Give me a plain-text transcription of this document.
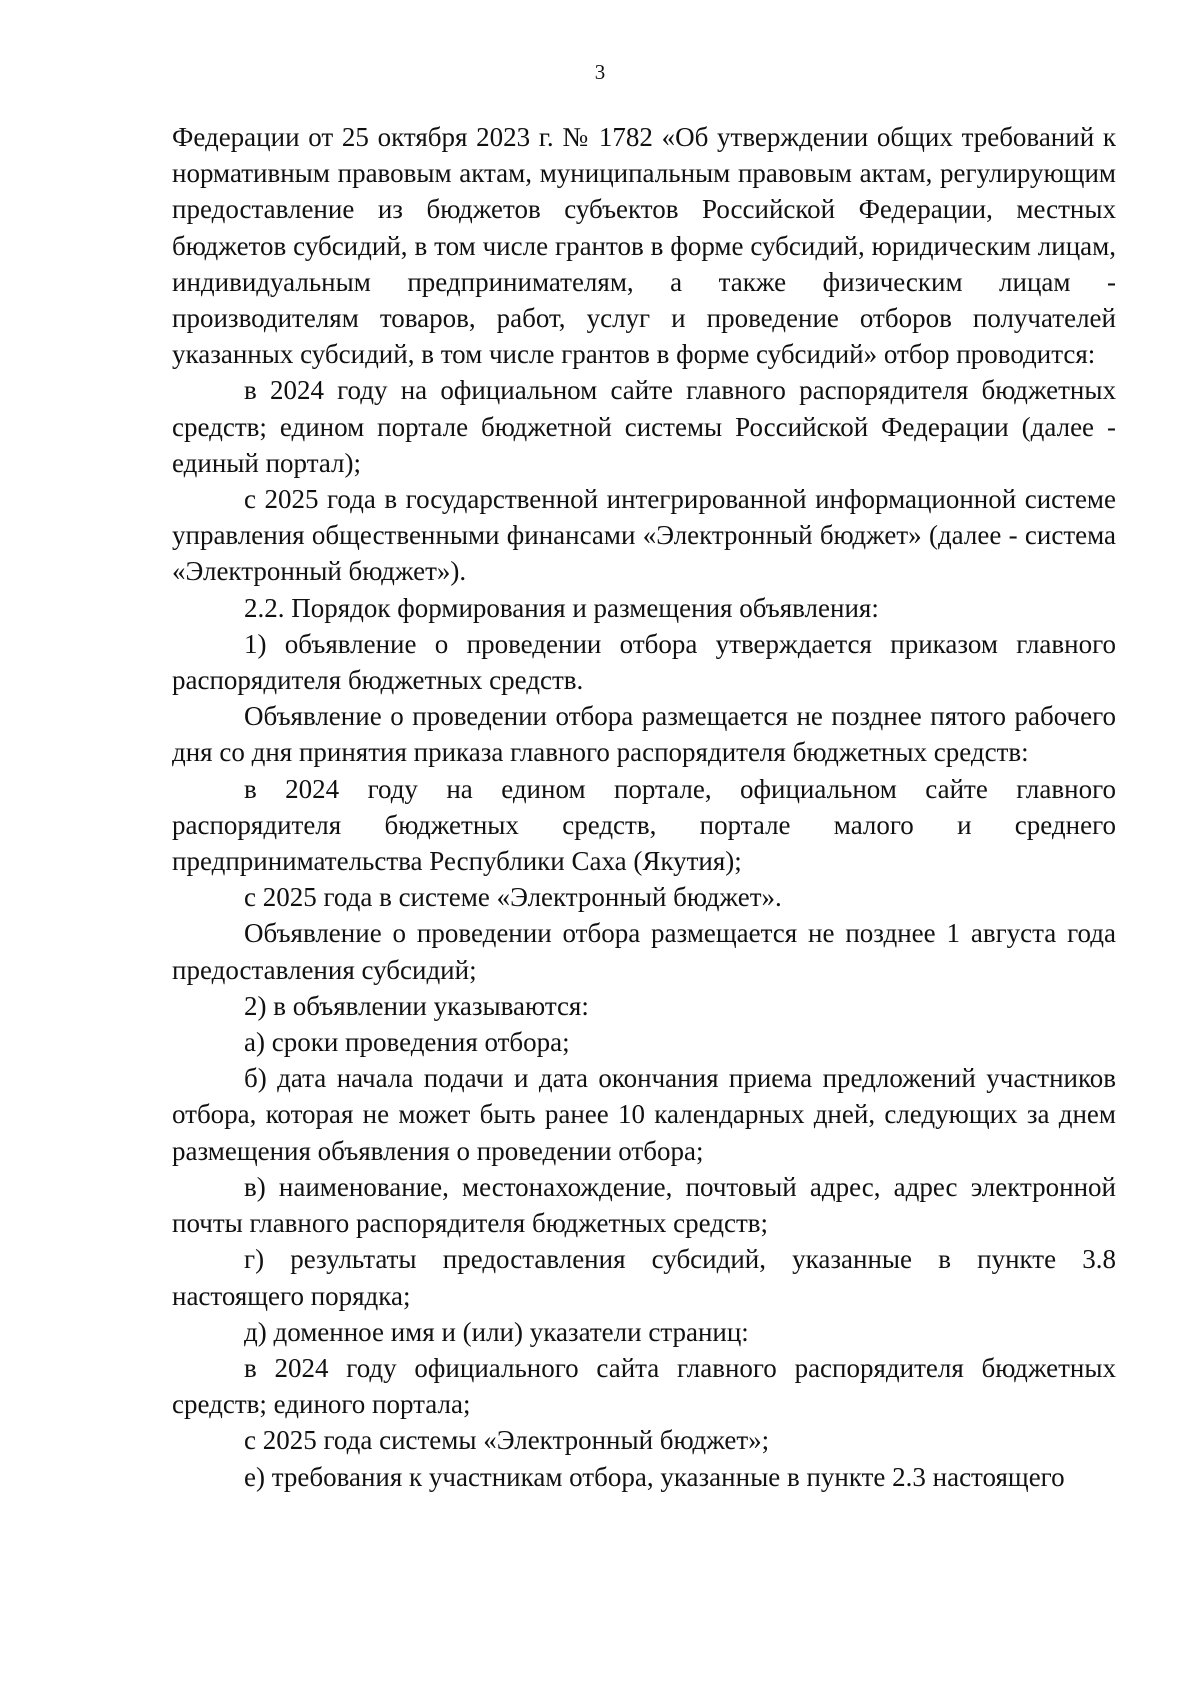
3

Федерации от 25 октября 2023 г. № 1782 «Об утверждении общих требований к нормативным правовым актам, муниципальным правовым актам, регулирующим предоставление из бюджетов субъектов Российской Федерации, местных бюджетов субсидий, в том числе грантов в форме субсидий, юридическим лицам, индивидуальным предпринимателям, а также физическим лицам - производителям товаров, работ, услуг и проведение отборов получателей указанных субсидий, в том числе грантов в форме субсидий» отбор проводится:

в 2024 году на официальном сайте главного распорядителя бюджетных средств; едином портале бюджетной системы Российской Федерации (далее - единый портал);

с 2025 года в государственной интегрированной информационной системе управления общественными финансами «Электронный бюджет» (далее - система «Электронный бюджет»).

2.2. Порядок формирования и размещения объявления:

1) объявление о проведении отбора утверждается приказом главного распорядителя бюджетных средств.

Объявление о проведении отбора размещается не позднее пятого рабочего дня со дня принятия приказа главного распорядителя бюджетных средств:

в 2024 году на едином портале, официальном сайте главного распорядителя бюджетных средств, портале малого и среднего предпринимательства Республики Саха (Якутия);

с 2025 года в системе «Электронный бюджет».

Объявление о проведении отбора размещается не позднее 1 августа года предоставления субсидий;

2) в объявлении указываются:

а) сроки проведения отбора;

б) дата начала подачи и дата окончания приема предложений участников отбора, которая не может быть ранее 10 календарных дней, следующих за днем размещения объявления о проведении отбора;

в) наименование, местонахождение, почтовый адрес, адрес электронной почты главного распорядителя бюджетных средств;

г) результаты предоставления субсидий, указанные в пункте 3.8 настоящего порядка;

д) доменное имя и (или) указатели страниц:

в 2024 году официального сайта главного распорядителя бюджетных средств; единого портала;

с 2025 года системы «Электронный бюджет»;

е) требования к участникам отбора, указанные в пункте 2.3 настоящего
